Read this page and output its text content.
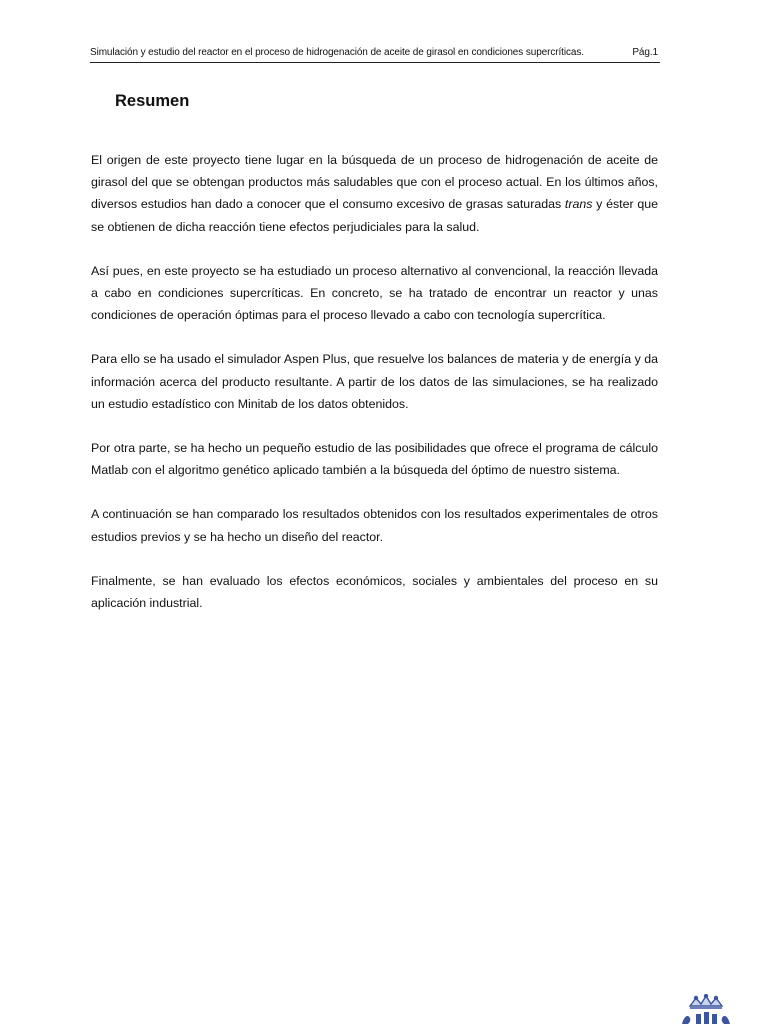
Simulación y estudio del reactor en el proceso de hidrogenación de aceite de girasol en condiciones supercríticas.	Pág.1
Resumen

El origen de este proyecto tiene lugar en la búsqueda de un proceso de hidrogenación de aceite de girasol del que se obtengan productos más saludables que con el proceso actual. En los últimos años, diversos estudios han dado a conocer que el consumo excesivo de grasas saturadas trans y éster que se obtienen de dicha reacción tiene efectos perjudiciales para la salud.

Así pues, en este proyecto se ha estudiado un proceso alternativo al convencional, la reacción llevada a cabo en condiciones supercríticas. En concreto, se ha tratado de encontrar un reactor y unas condiciones de operación óptimas para el proceso llevado a cabo con tecnología supercrítica.

Para ello se ha usado el simulador Aspen Plus, que resuelve los balances de materia y de energía y da información acerca del producto resultante. A partir de los datos de las simulaciones, se ha realizado un estudio estadístico con Minitab de los datos obtenidos.

Por otra parte, se ha hecho un pequeño estudio de las posibilidades que ofrece el programa de cálculo Matlab con el algoritmo genético aplicado también a la búsqueda del óptimo de nuestro sistema.

A continuación se han comparado los resultados obtenidos con los resultados experimentales de otros estudios previos y se ha hecho un diseño del reactor.

Finalmente, se han evaluado los efectos económicos, sociales y ambientales del proceso en su aplicación industrial.
